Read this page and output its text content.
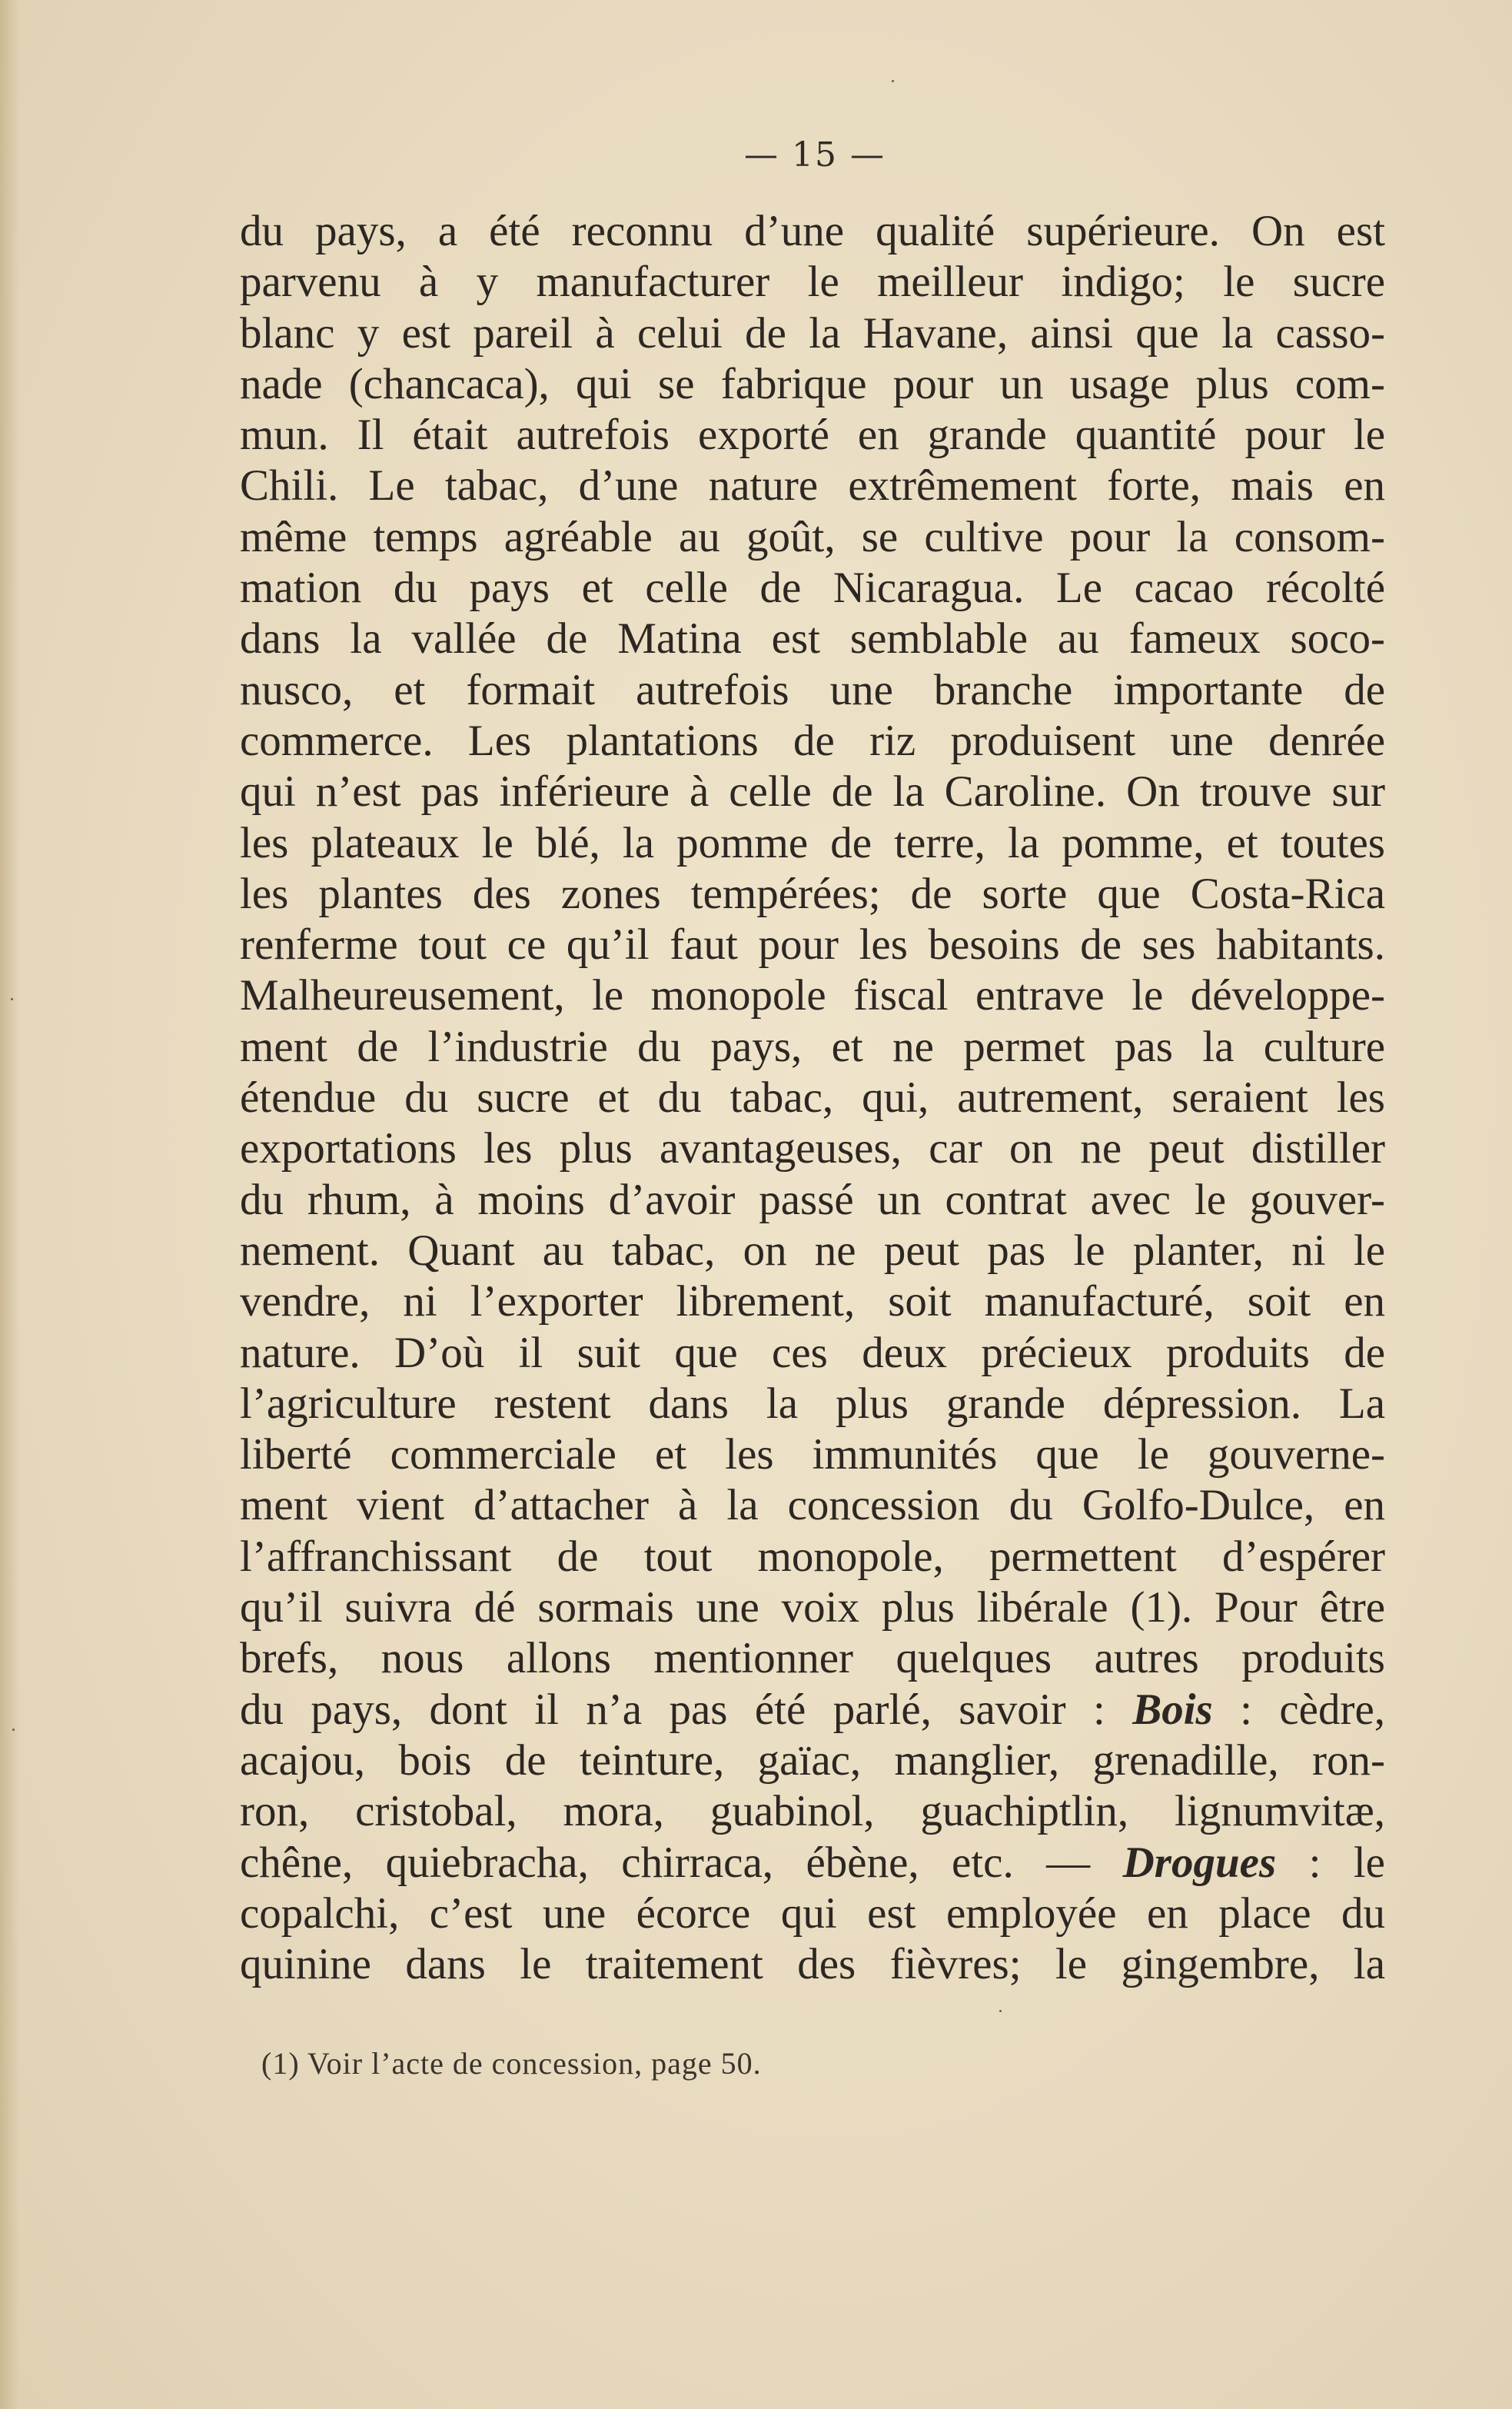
— 15 —
du pays, a été reconnu d’une qualité supérieure. On est
parvenu à y manufacturer le meilleur indigo; le sucre
blanc y est pareil à celui de la Havane, ainsi que la casso-
nade (chancaca), qui se fabrique pour un usage plus com-
mun. Il était autrefois exporté en grande quantité pour le
Chili. Le tabac, d’une nature extrêmement forte, mais en
même temps agréable au goût, se cultive pour la consom-
mation du pays et celle de Nicaragua. Le cacao récolté
dans la vallée de Matina est semblable au fameux soco-
nusco, et formait autrefois une branche importante de
commerce. Les plantations de riz produisent une denrée
qui n’est pas inférieure à celle de la Caroline. On trouve sur
les plateaux le blé, la pomme de terre, la pomme, et toutes
les plantes des zones tempérées; de sorte que Costa-Rica
renferme tout ce qu’il faut pour les besoins de ses habitants.
Malheureusement, le monopole fiscal entrave le développe-
ment de l’industrie du pays, et ne permet pas la culture
étendue du sucre et du tabac, qui, autrement, seraient les
exportations les plus avantageuses, car on ne peut distiller
du rhum, à moins d’avoir passé un contrat avec le gouver-
nement. Quant au tabac, on ne peut pas le planter, ni le
vendre, ni l’exporter librement, soit manufacturé, soit en
nature. D’où il suit que ces deux précieux produits de
l’agriculture restent dans la plus grande dépression. La
liberté commerciale et les immunités que le gouverne-
ment vient d’attacher à la concession du Golfo-Dulce, en
l’affranchissant de tout monopole, permettent d’espérer
qu’il suivra dé sormais une voix plus libérale (1). Pour être
brefs, nous allons mentionner quelques autres produits
du pays, dont il n’a pas été parlé, savoir : Bois : cèdre,
acajou, bois de teinture, gaïac, manglier, grenadille, ron-
ron, cristobal, mora, guabinol, guachiptlin, lignumvitæ,
chêne, quiebracha, chirraca, ébène, etc. — Drogues : le
copalchi, c’est une écorce qui est employée en place du
quinine dans le traitement des fièvres; le gingembre, la
(1) Voir l’acte de concession, page 50.
